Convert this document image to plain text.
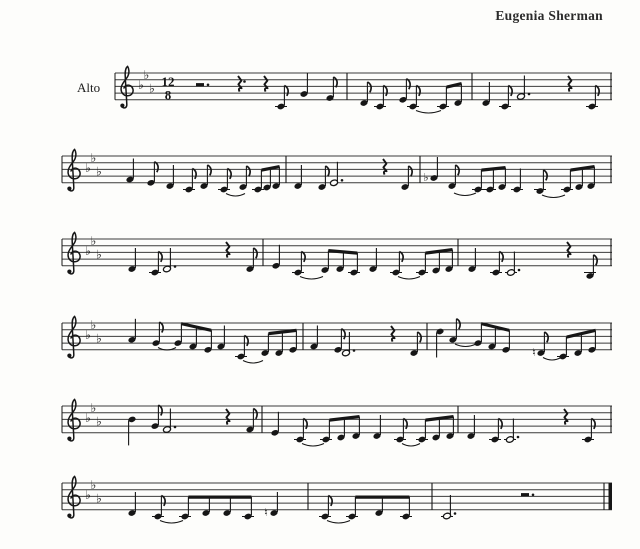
Eugenia Sherman
Alto	♭
♭
♭ 12
8
♭
♭
♭	♭
♭
♭
♭
♭
♭
♭
♮
♭
♭
♭
♭
♭
♭
♮
